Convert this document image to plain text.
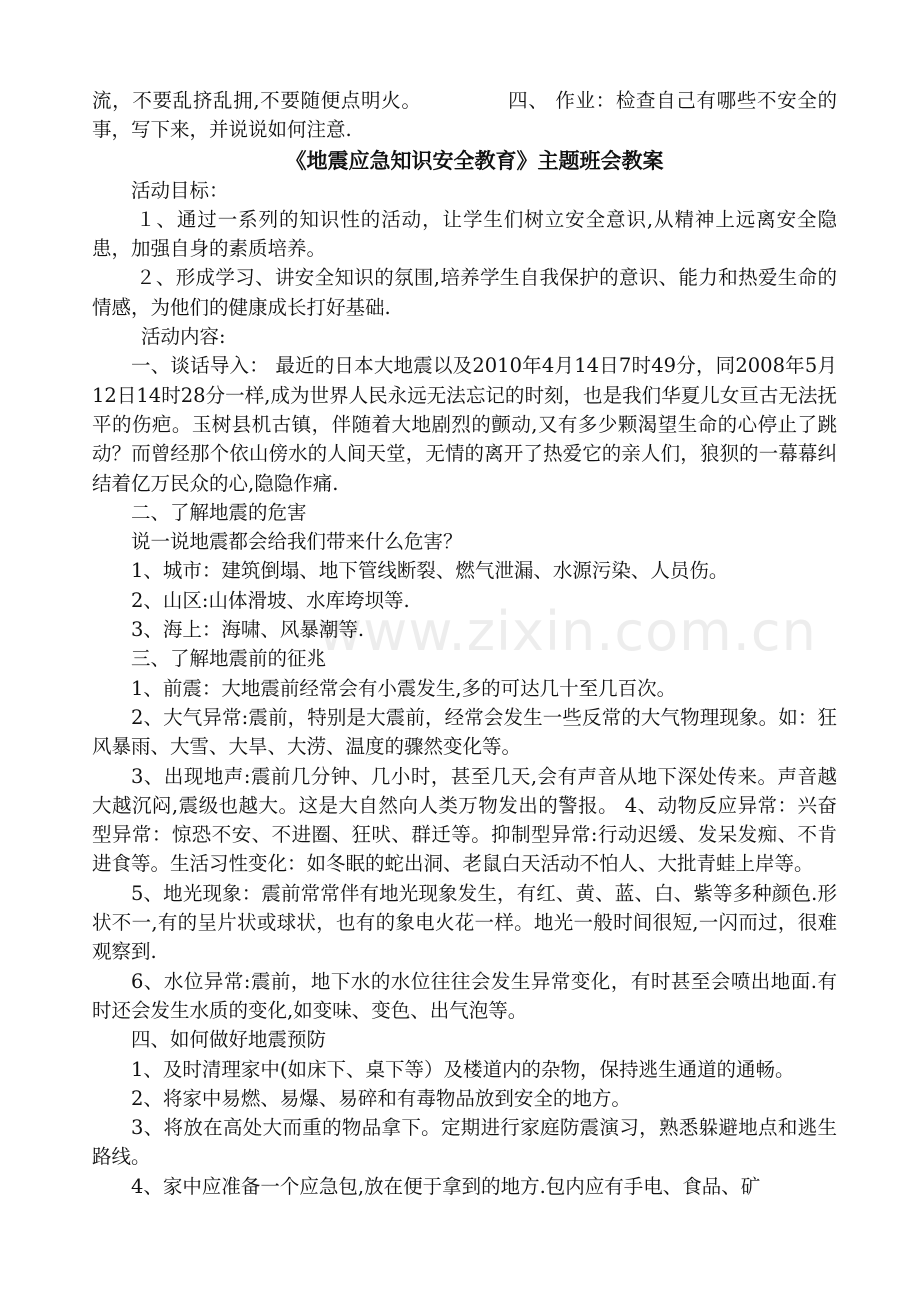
www.zixin.com.cn

流，不要乱挤乱拥,不要随便点明火。	四、 作业：检查自己有哪些不安全的事，写下来，并说说如何注意.

《地震应急知识安全教育》主题班会教案

活动目标：

１、通过一系列的知识性的活动，让学生们树立安全意识,从精神上远离安全隐患，加强自身的素质培养。

２、形成学习、讲安全知识的氛围,培养学生自我保护的意识、能力和热爱生命的情感，为他们的健康成长打好基础.

活动内容:

一、谈话导入： 最近的日本大地震以及2010年4月14日7时49分，同2008年5月12日14时28分一样,成为世界人民永远无法忘记的时刻，也是我们华夏儿女亘古无法抚平的伤疤。玉树县机古镇，伴随着大地剧烈的颤动,又有多少颗渴望生命的心停止了跳动？而曾经那个依山傍水的人间天堂，无情的离开了热爱它的亲人们，狼狈的一幕幕纠结着亿万民众的心,隐隐作痛.

二、了解地震的危害

说一说地震都会给我们带来什么危害？

1、城市：建筑倒塌、地下管线断裂、燃气泄漏、水源污染、人员伤。

2、山区:山体滑坡、水库垮坝等.

3、海上：海啸、风暴潮等.

三、了解地震前的征兆

1、前震：大地震前经常会有小震发生,多的可达几十至几百次。

2、大气异常:震前，特别是大震前，经常会发生一些反常的大气物理现象。如：狂风暴雨、大雪、大旱、大涝、温度的骤然变化等。

3、出现地声:震前几分钟、几小时，甚至几天,会有声音从地下深处传来。声音越大越沉闷,震级也越大。这是大自然向人类万物发出的警报。 4、动物反应异常：兴奋型异常：惊恐不安、不进圈、狂吠、群迁等。抑制型异常:行动迟缓、发呆发痴、不肯进食等。生活习性变化：如冬眠的蛇出洞、老鼠白天活动不怕人、大批青蛙上岸等。

5、地光现象：震前常常伴有地光现象发生，有红、黄、蓝、白、紫等多种颜色.形状不一,有的呈片状或球状，也有的象电火花一样。地光一般时间很短,一闪而过，很难观察到.

6、水位异常:震前，地下水的水位往往会发生异常变化，有时甚至会喷出地面.有时还会发生水质的变化,如变味、变色、出气泡等。

四、如何做好地震预防

1、及时清理家中(如床下、桌下等）及楼道内的杂物，保持逃生通道的通畅。

2、将家中易燃、易爆、易碎和有毒物品放到安全的地方。

3、将放在高处大而重的物品拿下。定期进行家庭防震演习，熟悉躲避地点和逃生路线。

4、家中应准备一个应急包,放在便于拿到的地方.包内应有手电、食品、矿
